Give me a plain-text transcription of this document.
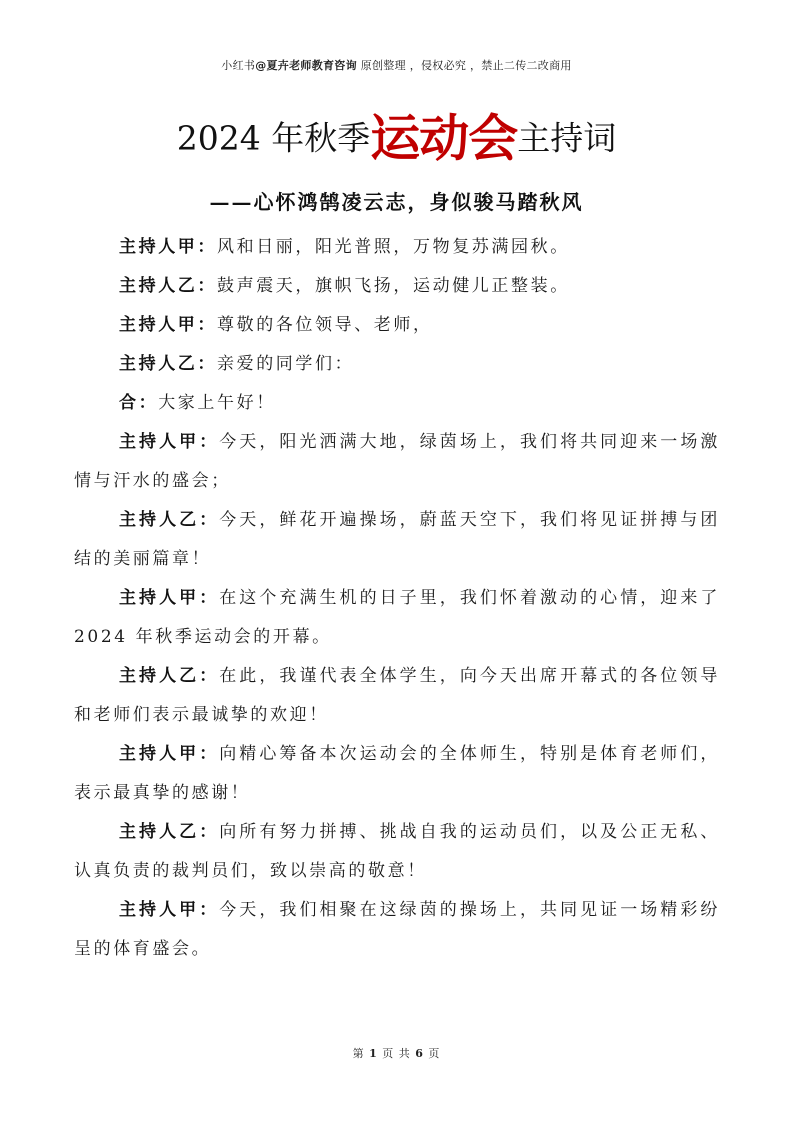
小红书@夏卉老师教育咨询 原创整理 ，侵权必究 ，禁止二传二改商用
2024 年秋季运动会主持词
——心怀鸿鹄凌云志，身似骏马踏秋风

主持人甲：风和日丽，阳光普照，万物复苏满园秋。

主持人乙：鼓声震天，旗帜飞扬，运动健儿正整装。

主持人甲：尊敬的各位领导、老师，

主持人乙：亲爱的同学们：

合：大家上午好！

主持人甲：今天，阳光洒满大地，绿茵场上，我们将共同迎来一场激情与汗水的盛会；

主持人乙：今天，鲜花开遍操场，蔚蓝天空下，我们将见证拼搏与团结的美丽篇章！

主持人甲：在这个充满生机的日子里，我们怀着激动的心情，迎来了2024 年秋季运动会的开幕。

主持人乙：在此，我谨代表全体学生，向今天出席开幕式的各位领导和老师们表示最诚挚的欢迎！

主持人甲：向精心筹备本次运动会的全体师生，特别是体育老师们，表示最真挚的感谢！

主持人乙：向所有努力拼搏、挑战自我的运动员们，以及公正无私、认真负责的裁判员们，致以崇高的敬意！

主持人甲：今天，我们相聚在这绿茵的操场上，共同见证一场精彩纷呈的体育盛会。

第 1 页 共 6 页
